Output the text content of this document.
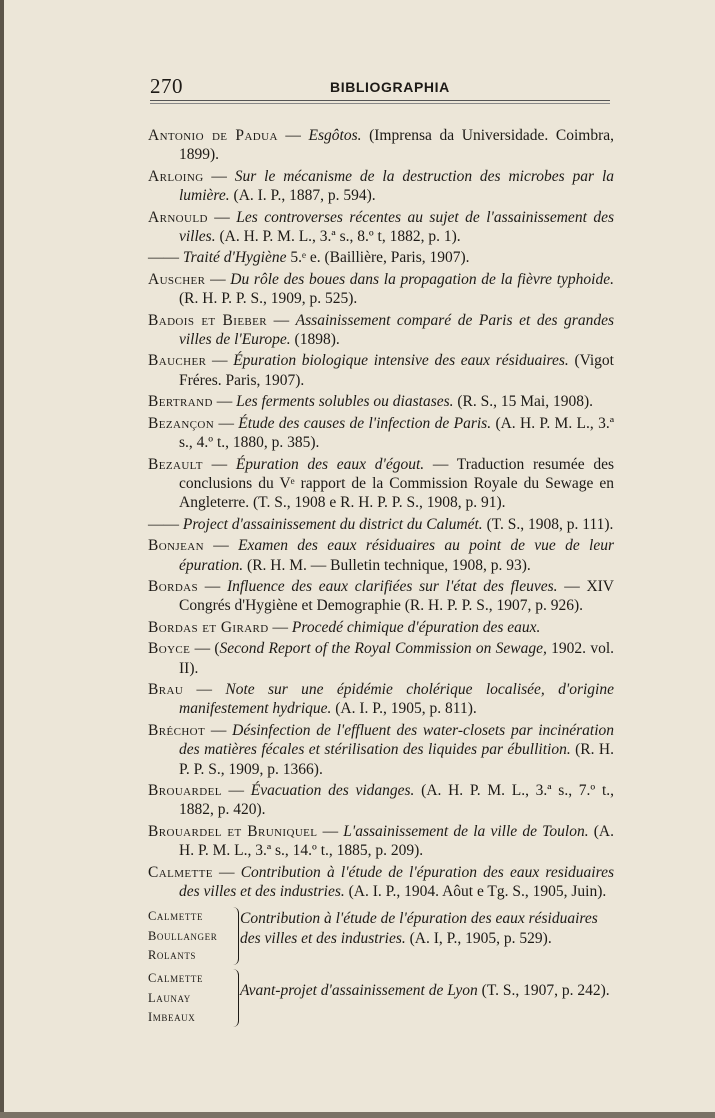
270	BIBLIOGRAPHIA
Antonio de Padua — Esgôtos. (Imprensa da Universidade. Coimbra, 1899).
Arloing — Sur le mécanisme de la destruction des microbes par la lumière. (A. I. P., 1887, p. 594).
Arnould — Les controverses récentes au sujet de l'assainissement des villes. (A. H. P. M. L., 3.ª s., 8.º t, 1882, p. 1).
—— Traité d'Hygiène 5.ᵉ e. (Baillière, Paris, 1907).
Auscher — Du rôle des boues dans la propagation de la fièvre typhoide. (R. H. P. P. S., 1909, p. 525).
Badois et Bieber — Assainissement comparé de Paris et des grandes villes de l'Europe. (1898).
Baucher — Épuration biologique intensive des eaux résiduaires. (Vigot Fréres. Paris, 1907).
Bertrand — Les ferments solubles ou diastases. (R. S., 15 Mai, 1908).
Bezançon — Étude des causes de l'infection de Paris. (A. H. P. M. L., 3.ª s., 4.º t., 1880, p. 385).
Bezault — Épuration des eaux d'égout. — Traduction resumée des conclusions du Vᵉ rapport de la Commission Royale du Sewage en Angleterre. (T. S., 1908 e R. H. P. P. S., 1908, p. 91).
—— Project d'assainissement du district du Calumét. (T. S., 1908, p. 111).
Bonjean — Examen des eaux résiduaires au point de vue de leur épuration. (R. H. M. — Bulletin technique, 1908, p. 93).
Bordas — Influence des eaux clarifiées sur l'état des fleuves. — XIV Congrés d'Hygiène et Demographie (R. H. P. P. S., 1907, p. 926).
Bordas et Girard — Procedé chimique d'épuration des eaux.
Boyce — (Second Report of the Royal Commission on Sewage, 1902. vol. II).
Brau — Note sur une épidémie cholérique localisée, d'origine manifestement hydrique. (A. I. P., 1905, p. 811).
Bréchot — Désinfection de l'effluent des water-closets par incinération des matières fécales et stérilisation des liquides par ébullition. (R. H. P. P. S., 1909, p. 1366).
Brouardel — Évacuation des vidanges. (A. H. P. M. L., 3.ª s., 7.º t., 1882, p. 420).
Brouardel et Bruniquel — L'assainissement de la ville de Toulon. (A. H. P. M. L., 3.ª s., 14.º t., 1885, p. 209).
Calmette — Contribution à l'étude de l'épuration des eaux residuaires des villes et des industries. (A. I. P., 1904. Aôut e Tg. S., 1905, Juin).
Calmette
Boullanger
Rolants
Contribution à l'étude de l'épuration des eaux résiduaires des villes et des industries. (A. I, P., 1905, p. 529).
Calmette
Launay
Imbeaux
Avant-projet d'assainissement de Lyon (T. S., 1907, p. 242).
